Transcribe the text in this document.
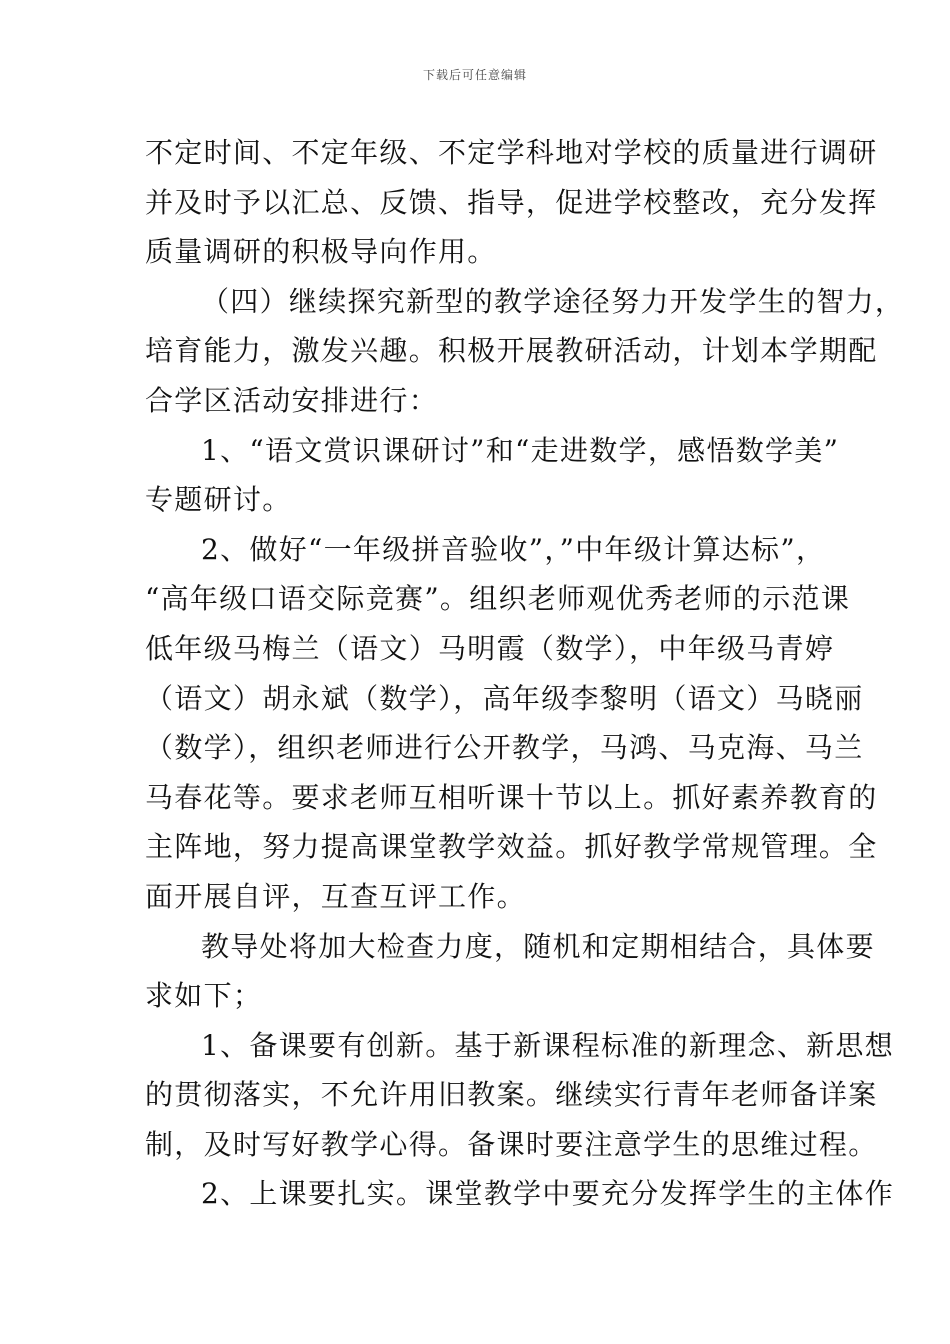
下载后可任意编辑
不定时间、不定年级、不定学科地对学校的质量进行调研
并及时予以汇总、反馈、指导，促进学校整改，充分发挥
质量调研的积极导向作用。
（四）继续探究新型的教学途径努力开发学生的智力，
培育能力，激发兴趣。积极开展教研活动，计划本学期配
合学区活动安排进行：
1、“语文赏识课研讨”和“走进数学，感悟数学美”
专题研讨。
2、做好“一年级拼音验收”，”中年级计算达标”，
“高年级口语交际竞赛”。组织老师观优秀老师的示范课
低年级马梅兰（语文）马明霞（数学），中年级马青婷
（语文）胡永斌（数学），高年级李黎明（语文）马晓丽
（数学），组织老师进行公开教学，马鸿、马克海、马兰
马春花等。要求老师互相听课十节以上。抓好素养教育的
主阵地，努力提高课堂教学效益。抓好教学常规管理。全
面开展自评，互查互评工作。
教导处将加大检查力度，随机和定期相结合，具体要
求如下；
1、备课要有创新。基于新课程标准的新理念、新思想
的贯彻落实，不允许用旧教案。继续实行青年老师备详案
制，及时写好教学心得。备课时要注意学生的思维过程。
2、上课要扎实。课堂教学中要充分发挥学生的主体作
